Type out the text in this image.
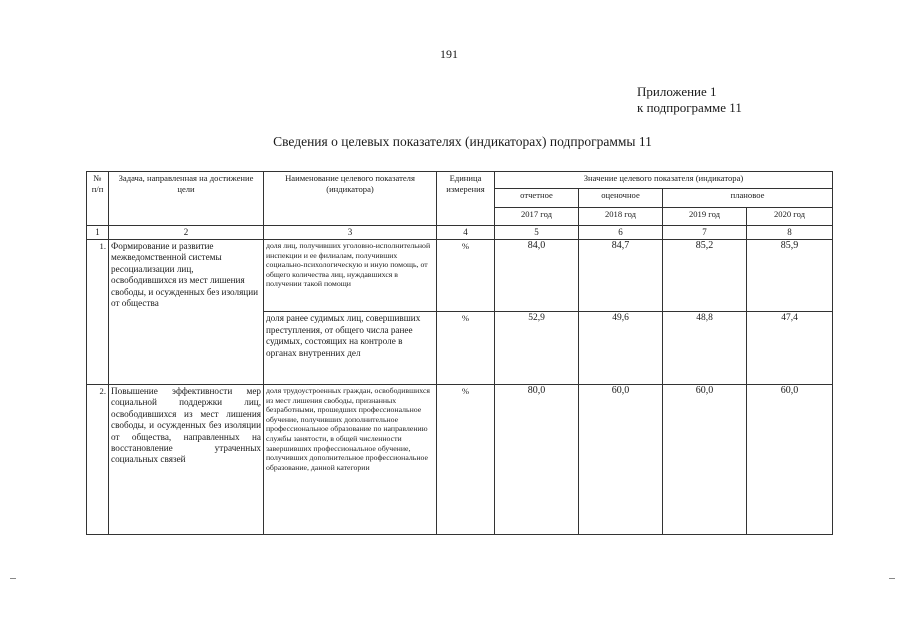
191
Приложение 1
к подпрограмме 11
Сведения о целевых показателях (индикаторах) подпрограммы 11
№ п/п	Задача, направленная на достижение цели	Наименование целевого показателя (индикатора)	Единица измерения	Значение целевого показателя (индикатора)			
				отчетное	оценочное	плановое	
				2017 год	2018 год	2019 год	2020 год
1	2	3	4	5	6	7	8
1.	Формирование и развитие межведомственной системы ресоциализации лиц, освободившихся из мест лишения свободы, и осужденных без изоляции от общества	доля лиц, получивших уголовно-исполнительной инспекции и ее филиалам, получивших социально-психологическую и иную помощь, от общего количества лиц, нуждавшихся в получении такой помощи	%	84,0	84,7	85,2	85,9
		доля ранее судимых лиц, совершивших преступления, от общего числа ранее судимых, состоящих на контроле в органах внутренних дел	%	52,9	49,6	48,8	47,4
2.	Повышение эффективности мер социальной поддержки лиц, освободившихся из мест лишения свободы, и осужденных без изоляции от общества, направленных на восстановление утраченных социальных связей	доля трудоустроенных граждан, освободившихся из мест лишения свободы, признанных безработными, прошедших профессиональное обучение, получивших дополнительное профессиональное образование по направлению службы занятости, в общей численности завершивших профессиональное обучение, получивших дополнительное профессиональное образование, данной категории	%	80,0	60,0	60,0	60,0
